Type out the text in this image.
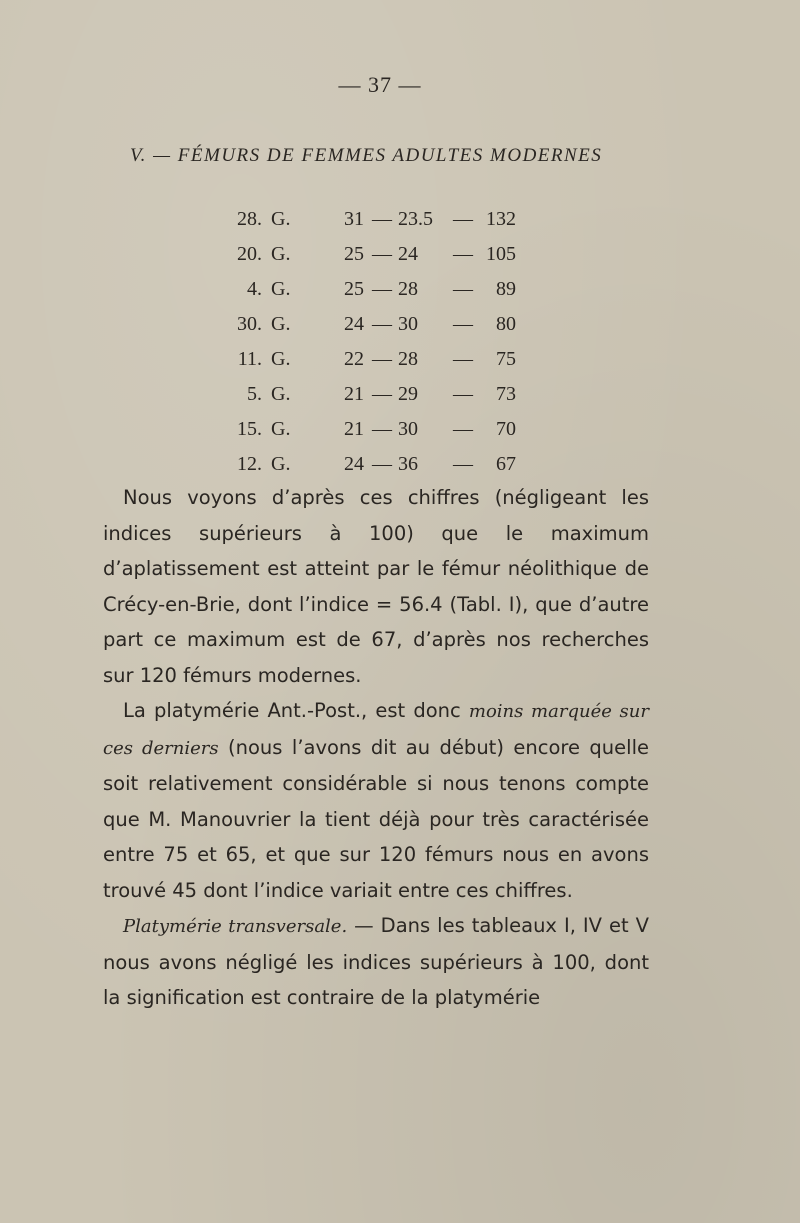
— 37 —
V. — FÉMURS DE FEMMES ADULTES MODERNES
28. G.	31 — 23.5	— 132
20. G.	25 — 24	— 105
4. G.	25 — 28	—	89
30. G.	24 — 30	—	80
11. G.	22 — 28	—	75
5. G.	21 — 29	—	73
15. G.	21 — 30	—	70
12. G.	24 — 36	—	67

Nous voyons d’après ces chiffres (négligeant les indices supérieurs à 100) que le maximum d’aplatissement est atteint par le fémur néolithique de Crécy-en-Brie, dont l’indice = 56.4 (Tabl. I), que d’autre part ce maximum est de 67, d’après nos recherches sur 120 fémurs modernes.

La platymérie Ant.-Post., est donc moins marquée sur ces derniers (nous l’avons dit au début) encore quelle soit relativement considérable si nous tenons compte que M. Manouvrier la tient déjà pour très caractérisée entre 75 et 65, et que sur 120 fémurs nous en avons trouvé 45 dont l’indice variait entre ces chiffres.

Platymérie transversale. — Dans les tableaux I, IV et V nous avons négligé les indices supérieurs à 100, dont la signification est contraire de la platymérie
